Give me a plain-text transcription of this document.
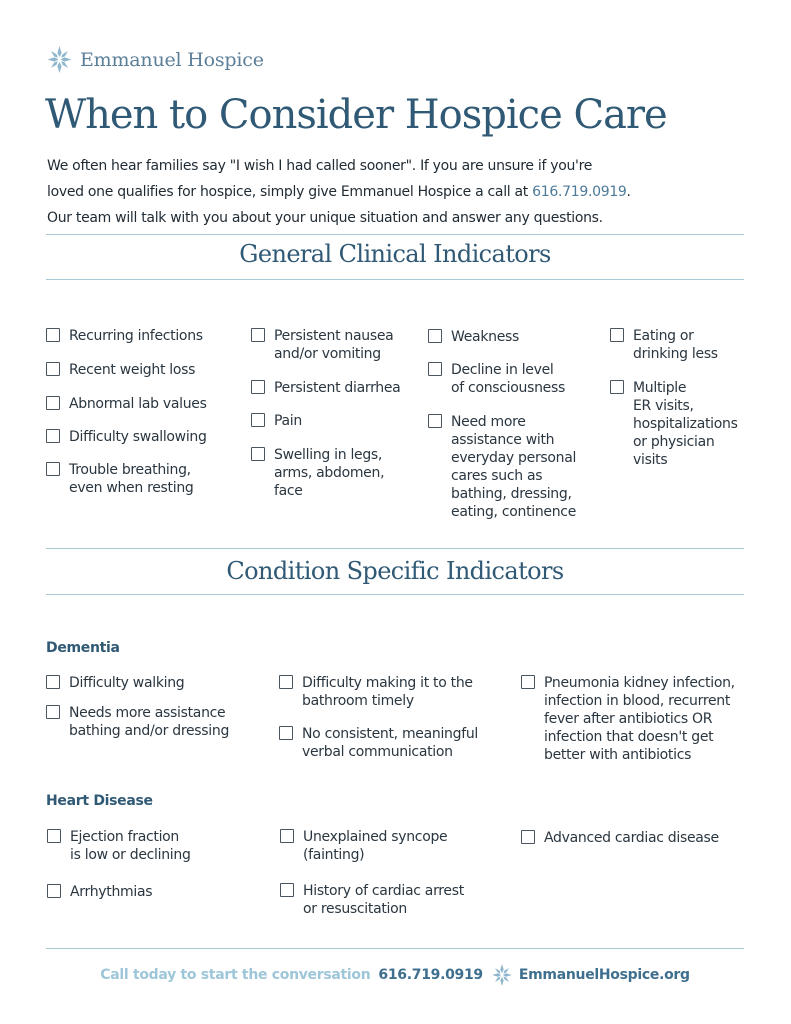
Emmanuel Hospice
When to Consider Hospice Care

We often hear families say "I wish I had called sooner". If you are unsure if you're

loved one qualifies for hospice, simply give Emmanuel Hospice a call at 616.719.0919.

Our team will talk with you about your unique situation and answer any questions.

General Clinical Indicators
Recurring infections
Recent weight loss
Abnormal lab values
Difficulty swallowing
Trouble breathing,
even when resting
Persistent nausea
and/or vomiting
Persistent diarrhea
Pain
Swelling in legs,
arms, abdomen,
face
Weakness
Decline in level
of consciousness
Need more
assistance with
everyday personal
cares such as
bathing, dressing,
eating, continence
Eating or
drinking less
Multiple
ER visits,
hospitalizations
or physician
visits
Condition Specific Indicators
Dementia
Difficulty walking
Needs more assistance
bathing and/or dressing
Difficulty making it to the
bathroom timely
No consistent, meaningful
verbal communication
Pneumonia kidney infection,
infection in blood, recurrent
fever after antibiotics OR
infection that doesn't get
better with antibiotics
Heart Disease
Ejection fraction
is low or declining
Arrhythmias
Unexplained syncope
(fainting)
History of cardiac arrest
or resuscitation
Advanced cardiac disease
Call today to start the conversation 616.719.0919	EmmanuelHospice.org
